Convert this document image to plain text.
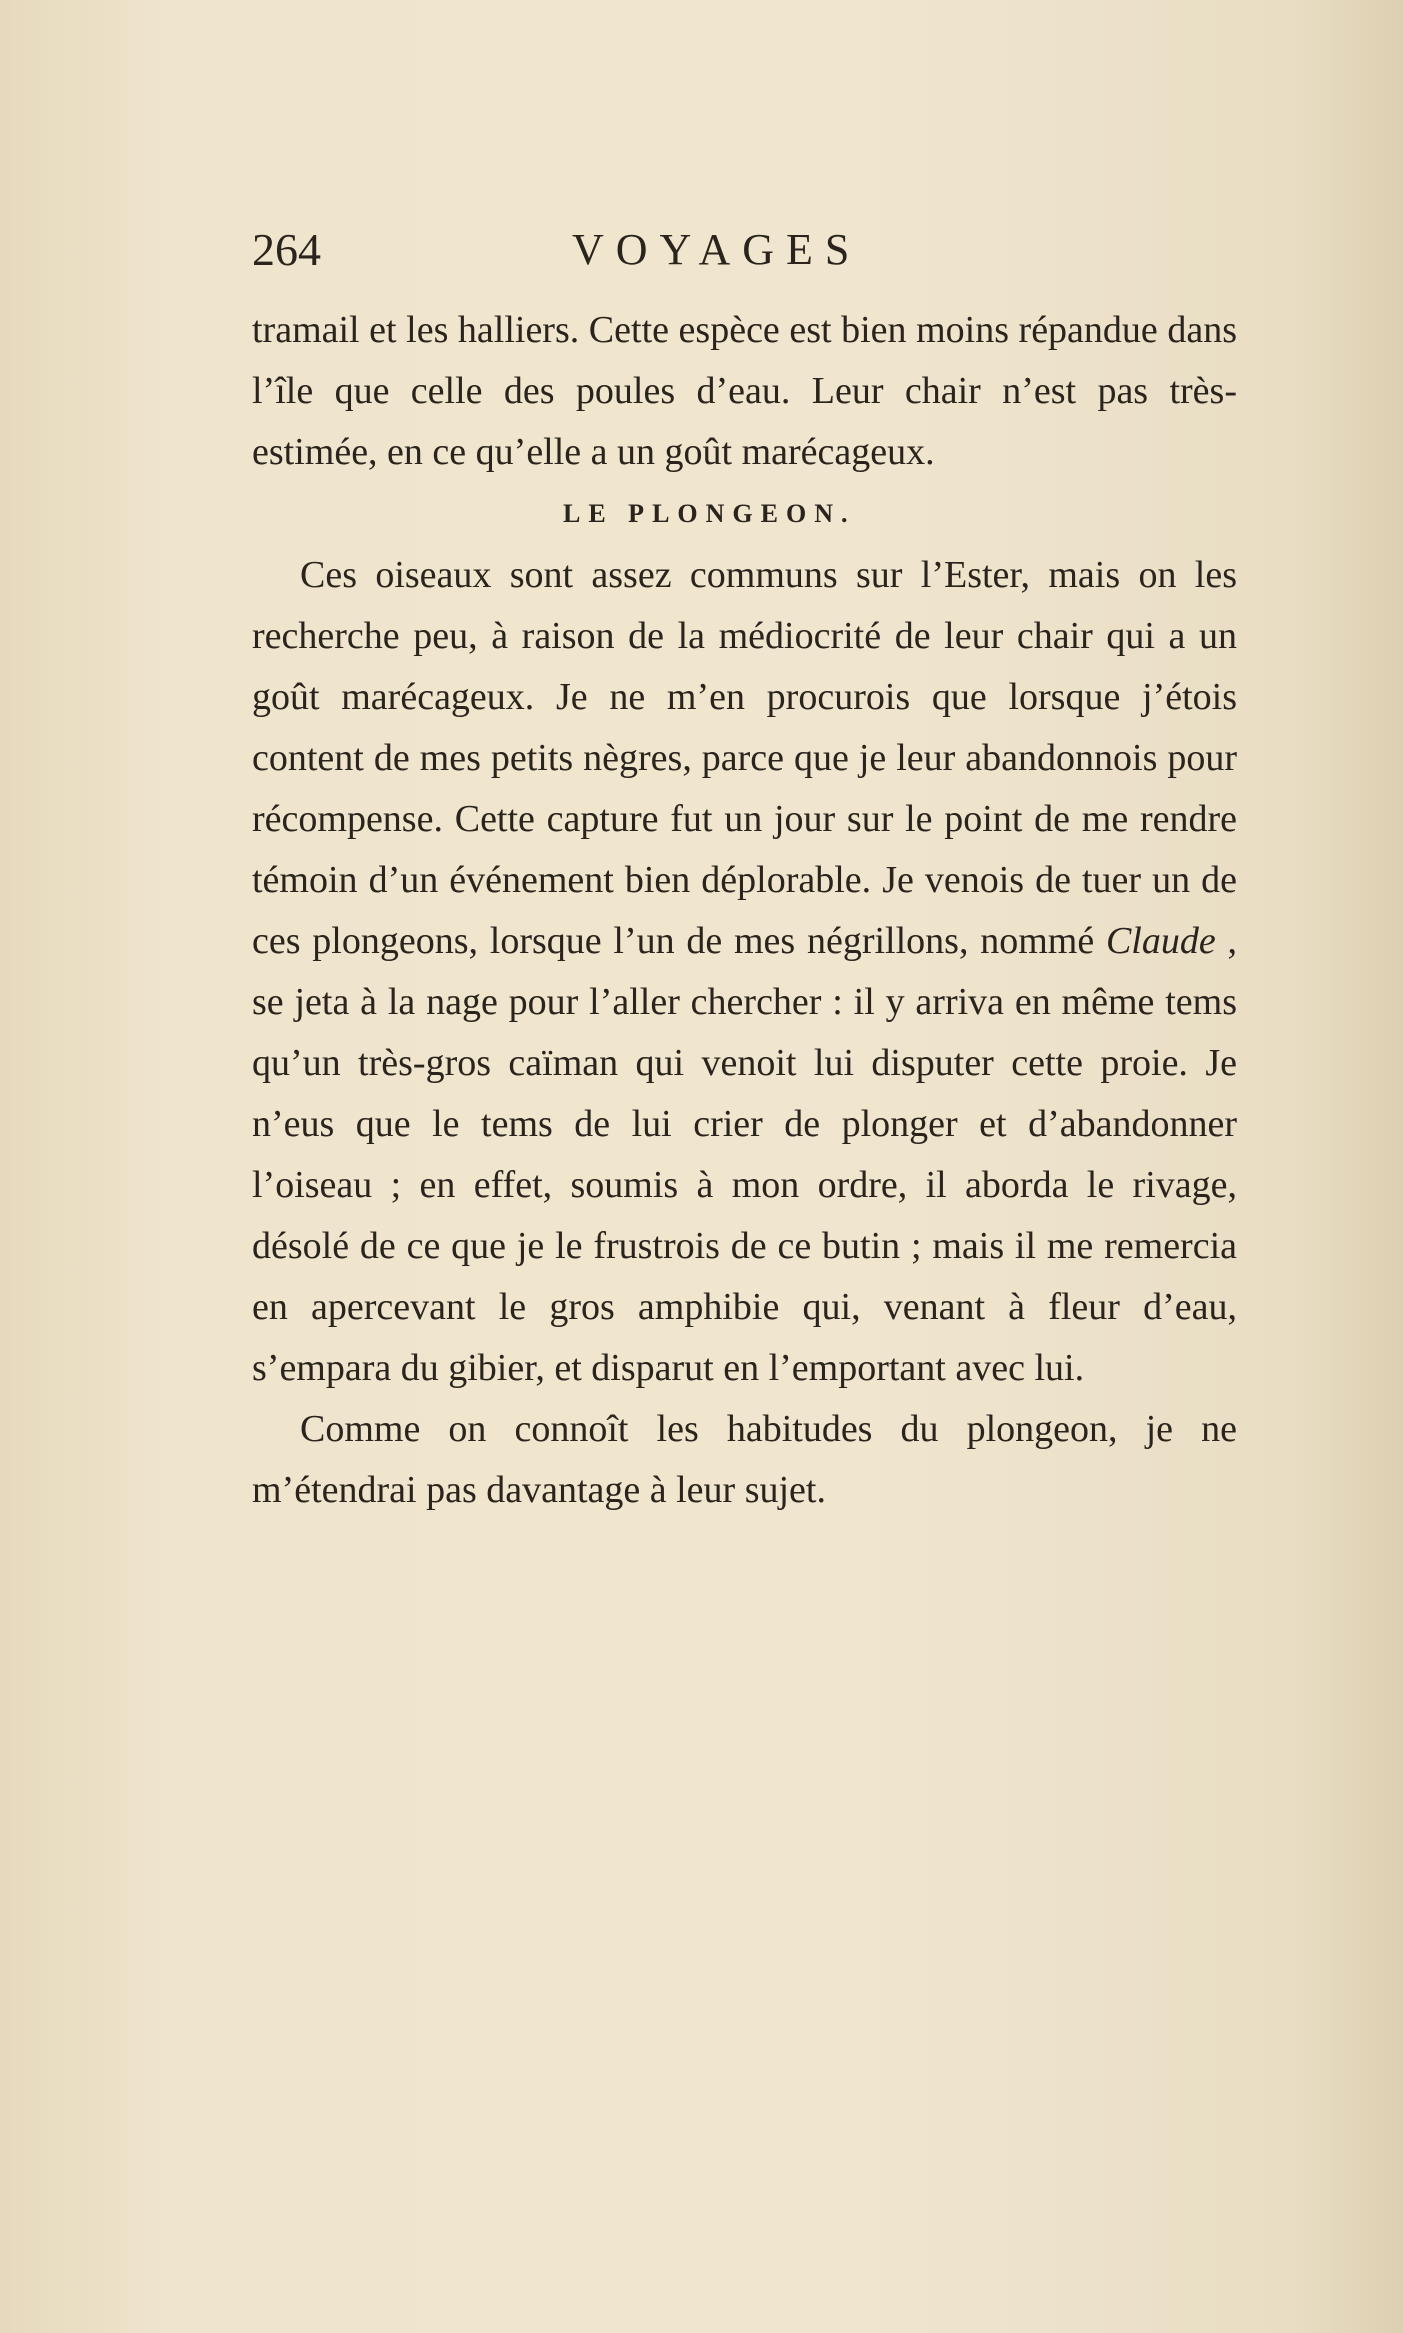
264	VOYAGES

tramail et les halliers. Cette espèce est bien moins répandue dans l’île que celle des poules d’eau. Leur chair n’est pas très-estimée, en ce qu’elle a un goût marécageux.

LE PLONGEON.

Ces oiseaux sont assez communs sur l’Ester, mais on les recherche peu, à raison de la médiocrité de leur chair qui a un goût marécageux. Je ne m’en procurois que lorsque j’étois content de mes petits nègres, parce que je leur abandonnois pour récompense. Cette capture fut un jour sur le point de me rendre témoin d’un événement bien déplorable. Je venois de tuer un de ces plongeons, lorsque l’un de mes négrillons, nommé Claude , se jeta à la nage pour l’aller chercher : il y arriva en même tems qu’un très-gros caïman qui venoit lui disputer cette proie. Je n’eus que le tems de lui crier de plonger et d’abandonner l’oiseau ; en effet, soumis à mon ordre, il aborda le rivage, désolé de ce que je le frustrois de ce butin ; mais il me remercia en apercevant le gros amphibie qui, venant à fleur d’eau, s’empara du gibier, et disparut en l’emportant avec lui.

Comme on connoît les habitudes du plongeon, je ne m’étendrai pas davantage à leur sujet.
